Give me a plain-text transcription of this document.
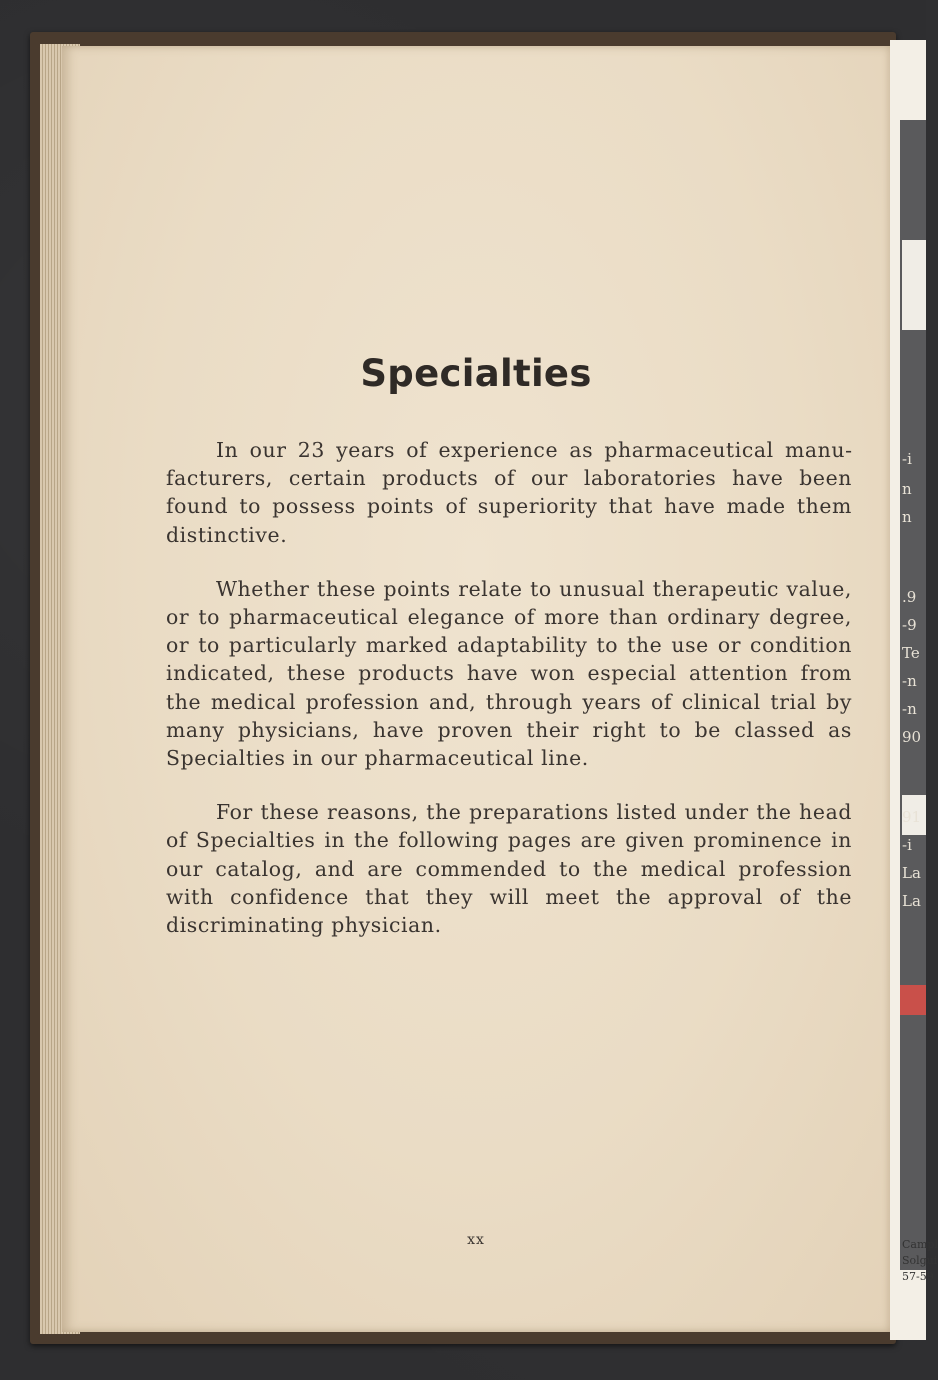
Specialties

In our 23 years of experience as pharmaceutical manufacturers, certain products of our laboratories have been found to possess points of superiority that have made them distinctive.

Whether these points relate to unusual therapeutic value, or to pharmaceutical elegance of more than ordinary degree, or to particularly marked adaptability to the use or condition indicated, these products have won especial attention from the medical profession and, through years of clinical trial by many physicians, have proven their right to be classed as Specialties in our pharmaceutical line.

For these reasons, the preparations listed under the head of Specialties in the following pages are given prominence in our catalog, and are commended to the medical profession with confidence that they will meet the approval of the discriminating physician.

xx
-i
n
n
.9
-9
Te
-n
-n
90
91
-i
La
La
Campl
Solgui
57-59
